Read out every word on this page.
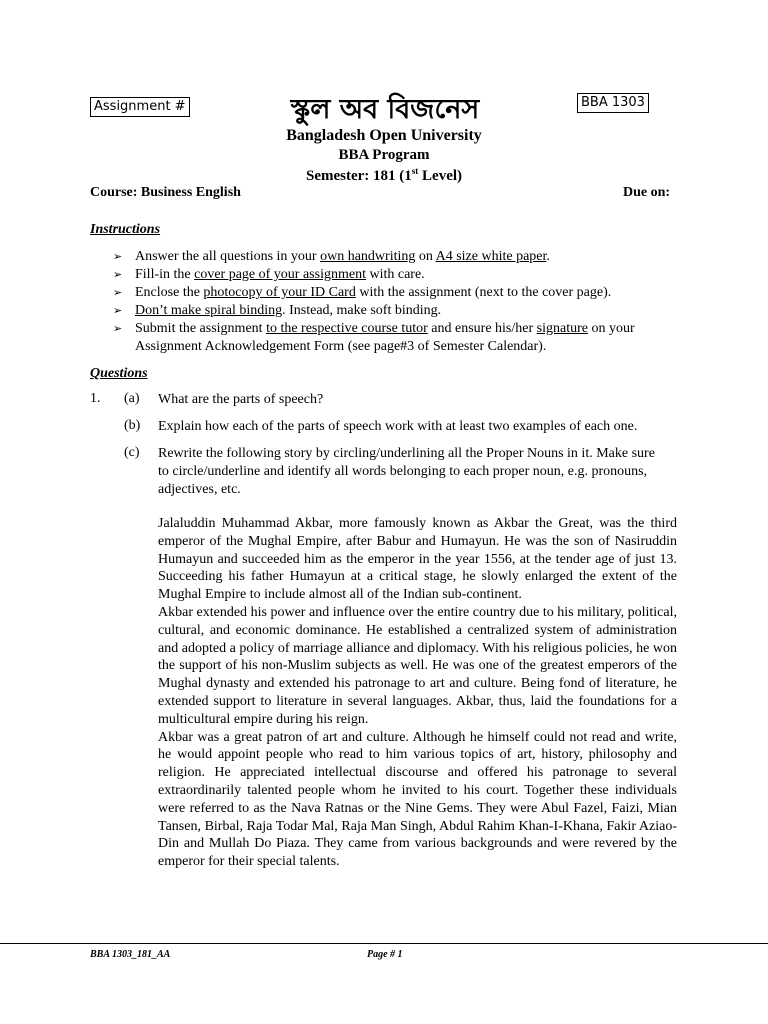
Assignment #	স্কুল অব বিজনেস	BBA 1303
Bangladesh Open University
BBA Program
Semester: 181 (1st Level)
Course: Business English	Due on:
Instructions
➢ Answer the all questions in your own handwriting on A4 size white paper.
➢ Fill-in the cover page of your assignment with care.
➢ Enclose the photocopy of your ID Card with the assignment (next to the cover page).
➢ Don’t make spiral binding. Instead, make soft binding.
➢ Submit the assignment to the respective course tutor and ensure his/her signature on your Assignment Acknowledgement Form (see page#3 of Semester Calendar).
Questions
1. (a) What are the parts of speech?
(b) Explain how each of the parts of speech work with at least two examples of each one.
(c) Rewrite the following story by circling/underlining all the Proper Nouns in it. Make sure to circle/underline and identify all words belonging to each proper noun, e.g. pronouns, adjectives, etc.

Jalaluddin Muhammad Akbar, more famously known as Akbar the Great, was the third emperor of the Mughal Empire, after Babur and Humayun. He was the son of Nasiruddin Humayun and succeeded him as the emperor in the year 1556, at the tender age of just 13. Succeeding his father Humayun at a critical stage, he slowly enlarged the extent of the Mughal Empire to include almost all of the Indian sub-continent.

Akbar extended his power and influence over the entire country due to his military, political, cultural, and economic dominance. He established a centralized system of administration and adopted a policy of marriage alliance and diplomacy. With his religious policies, he won the support of his non-Muslim subjects as well. He was one of the greatest emperors of the Mughal dynasty and extended his patronage to art and culture. Being fond of literature, he extended support to literature in several languages. Akbar, thus, laid the foundations for a multicultural empire during his reign.

Akbar was a great patron of art and culture. Although he himself could not read and write, he would appoint people who read to him various topics of art, history, philosophy and religion. He appreciated intellectual discourse and offered his patronage to several extraordinarily talented people whom he invited to his court. Together these individuals were referred to as the Nava Ratnas or the Nine Gems. They were Abul Fazel, Faizi, Mian Tansen, Birbal, Raja Todar Mal, Raja Man Singh, Abdul Rahim Khan-I-Khana, Fakir Aziao-Din and Mullah Do Piaza. They came from various backgrounds and were revered by the emperor for their special talents.

BBA 1303_181_AA	Page # 1
